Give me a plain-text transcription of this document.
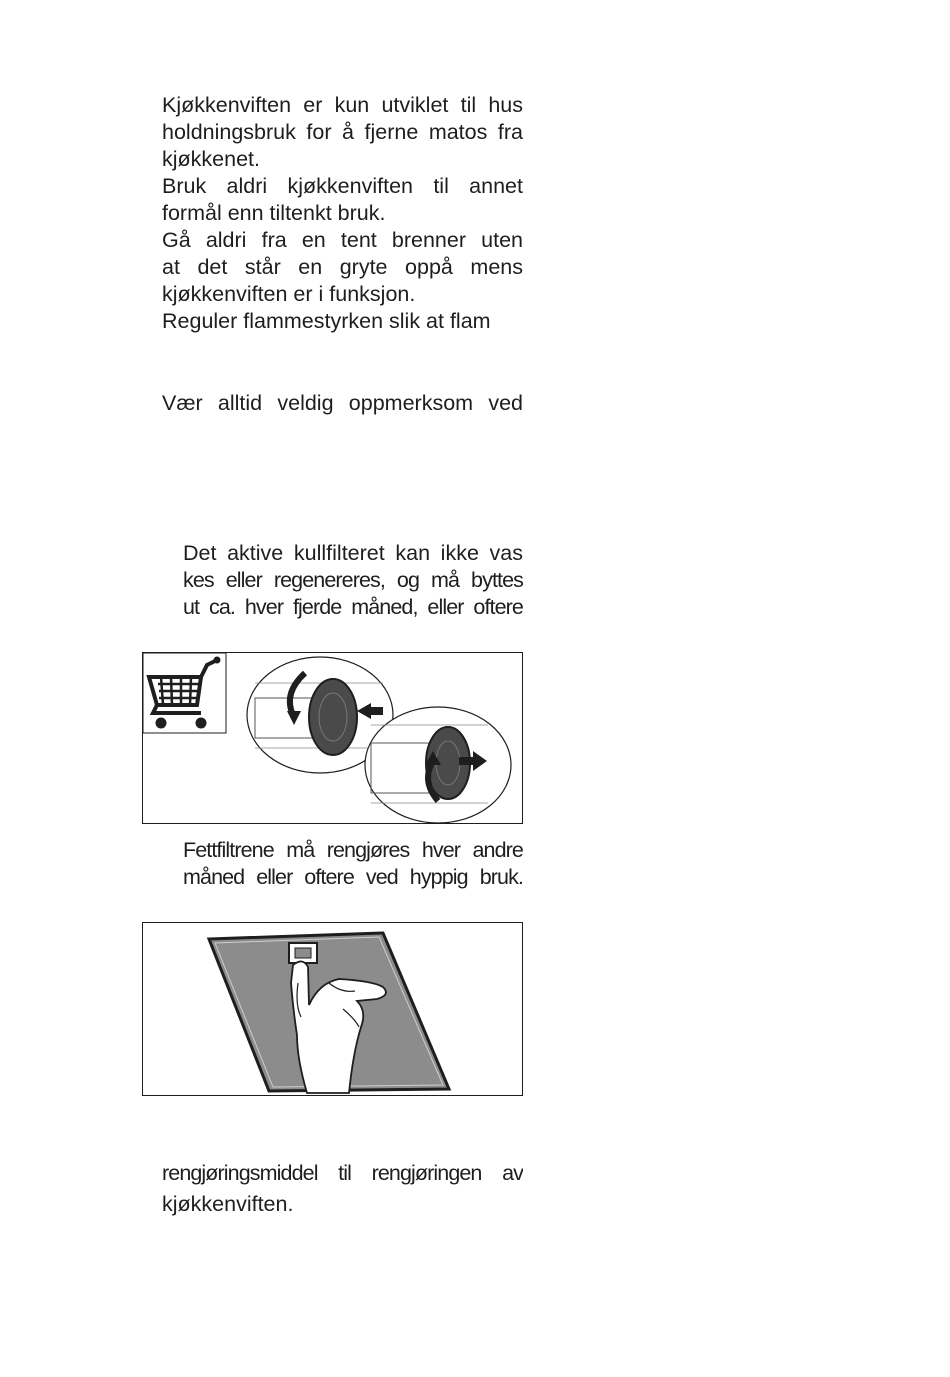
Kjøkkenviften er kun utviklet til hus
holdningsbruk for å fjerne matos fra
kjøkkenet.
Bruk aldri kjøkkenviften til annet
formål enn tiltenkt bruk.
Gå aldri fra en tent brenner uten
at det står en gryte oppå mens
kjøkkenviften er i funksjon.
Reguler flammestyrken slik at flam
Vær alltid veldig oppmerksom ved
Det aktive kullfilteret kan ikke vas
kes eller regenereres, og må byttes
ut ca. hver fjerde måned, eller oftere
Fettfiltrene må rengjøres hver andre
måned eller oftere ved hyppig bruk.
rengjøringsmiddel til rengjøringen av
kjøkkenviften.
